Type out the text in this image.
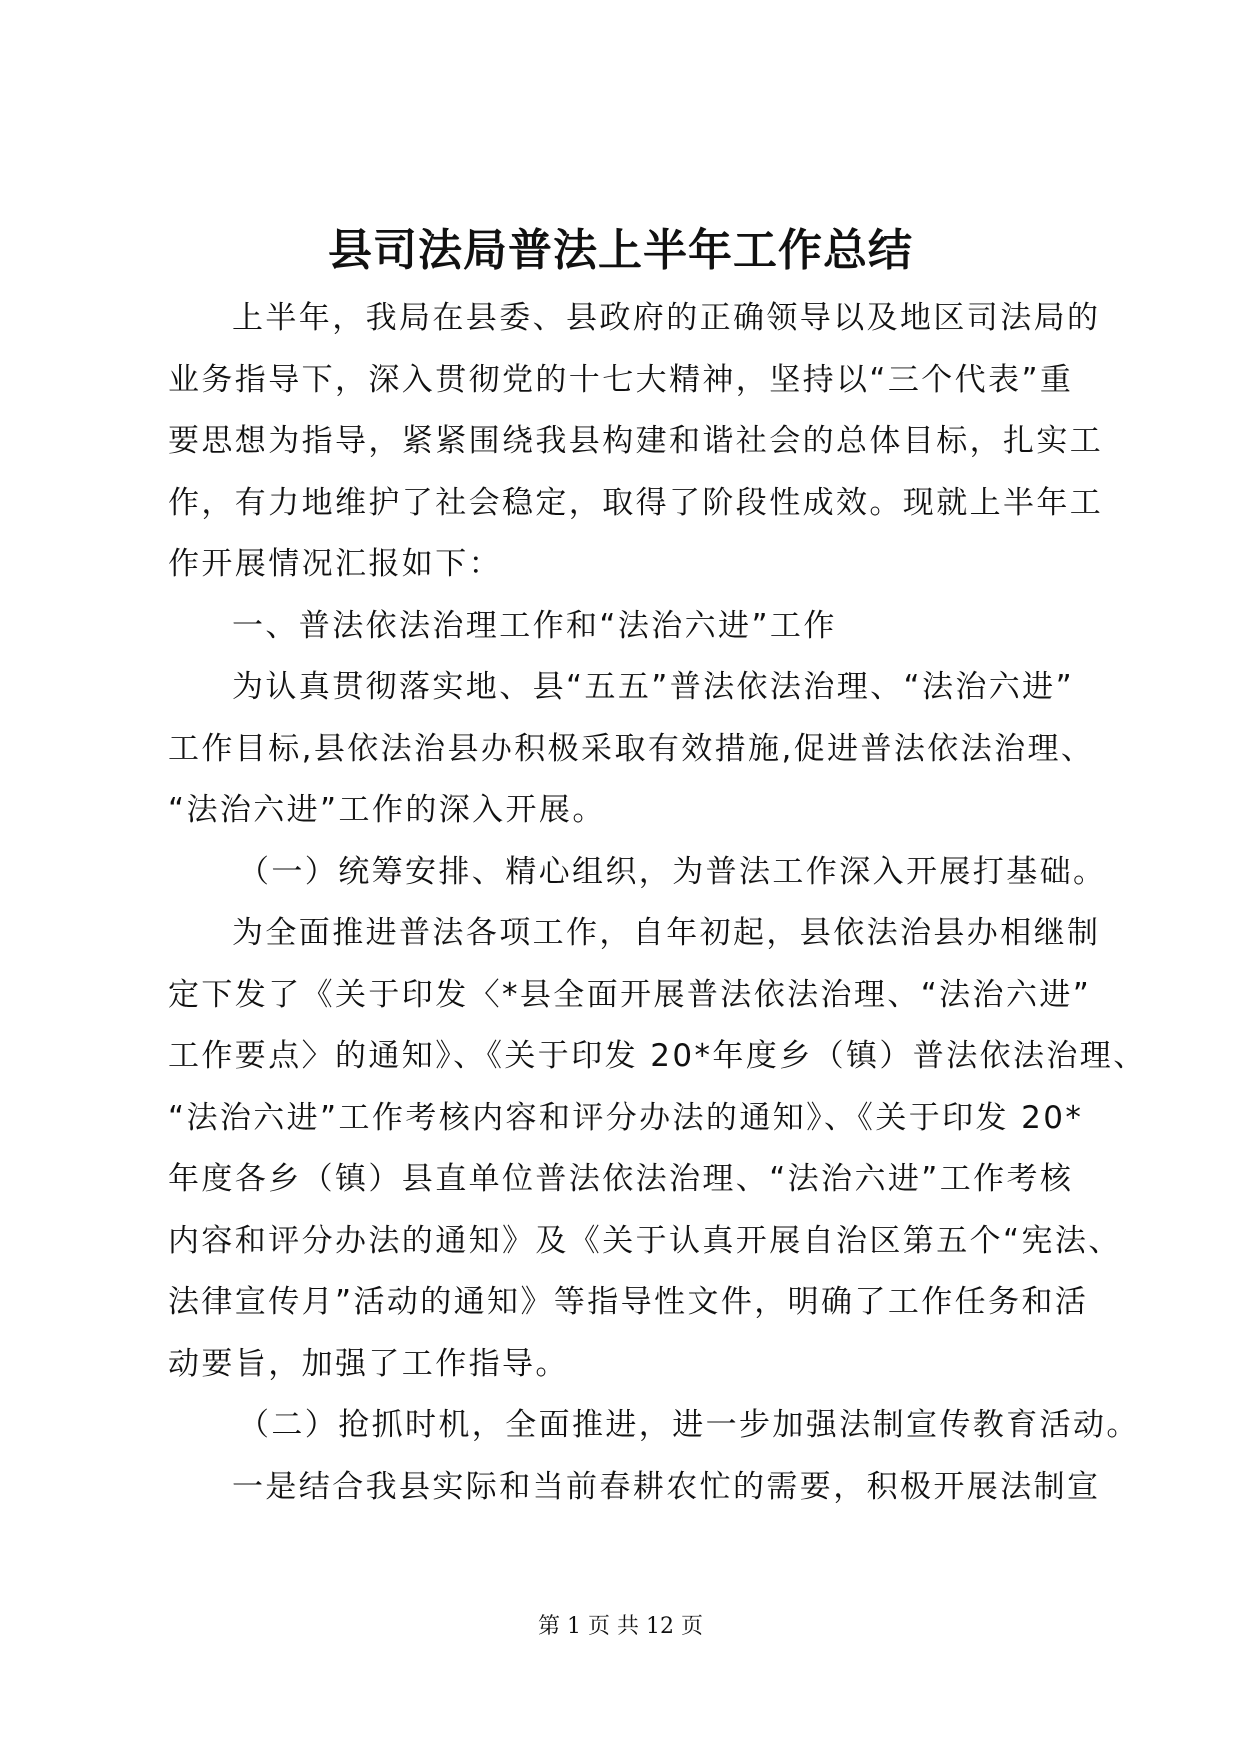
县司法局普法上半年工作总结
上半年，我局在县委、县政府的正确领导以及地区司法局的
业务指导下，深入贯彻党的十七大精神，坚持以“三个代表”重
要思想为指导，紧紧围绕我县构建和谐社会的总体目标，扎实工
作，有力地维护了社会稳定，取得了阶段性成效。现就上半年工
作开展情况汇报如下：
一、普法依法治理工作和“法治六进”工作
为认真贯彻落实地、县“五五”普法依法治理、“法治六进”
工作目标,县依法治县办积极采取有效措施,促进普法依法治理、
“法治六进”工作的深入开展。
（一）统筹安排、精心组织，为普法工作深入开展打基础。
为全面推进普法各项工作，自年初起，县依法治县办相继制
定下发了《关于印发〈*县全面开展普法依法治理、“法治六进”
工作要点〉的通知》、《关于印发 20*年度乡（镇）普法依法治理、
“法治六进”工作考核内容和评分办法的通知》、《关于印发 20*
年度各乡（镇）县直单位普法依法治理、“法治六进”工作考核
内容和评分办法的通知》及《关于认真开展自治区第五个“宪法、
法律宣传月”活动的通知》等指导性文件，明确了工作任务和活
动要旨，加强了工作指导。
（二）抢抓时机，全面推进，进一步加强法制宣传教育活动。
一是结合我县实际和当前春耕农忙的需要，积极开展法制宣
第 1 页 共 12 页
